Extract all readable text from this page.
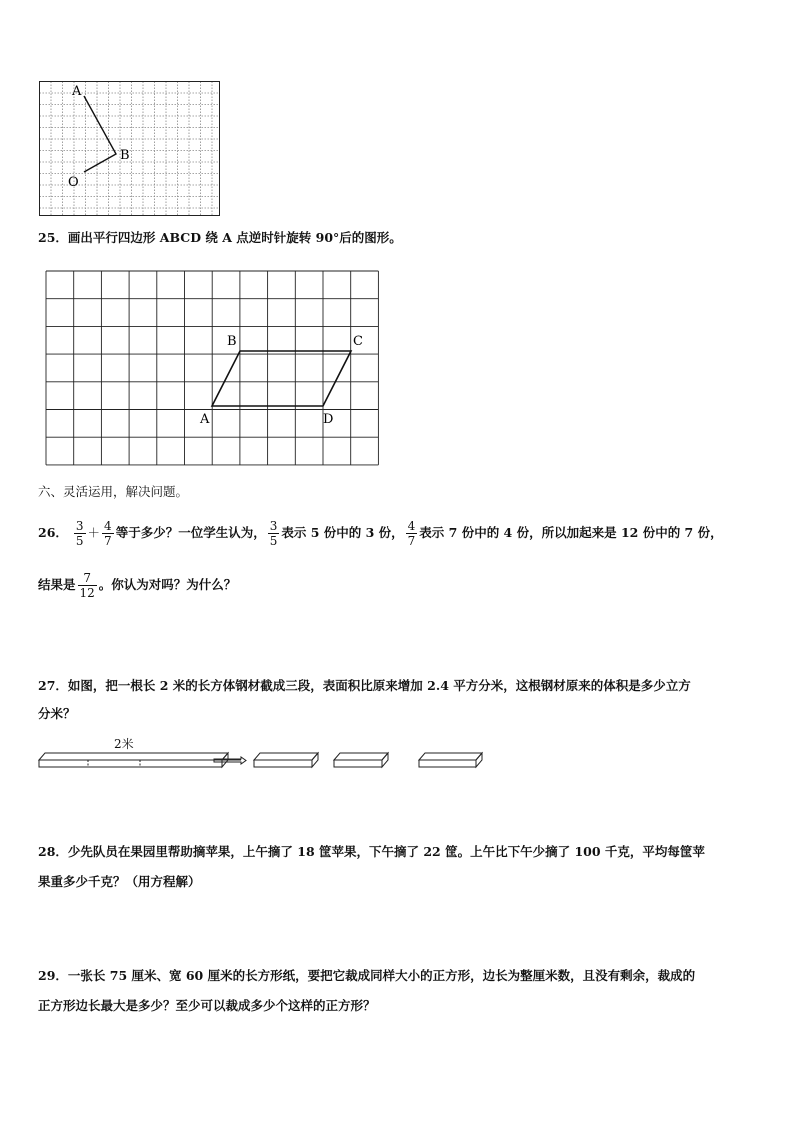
A
B
O
25．画出平行四边形 ABCD 绕 A 点逆时针旋转 90°后的图形。
A
B	C
D
六、灵活运用，解决问题。
26． $\frac{3}{5} + \frac{4}{7}$ 等于多少？一位学生认为， $\frac{3}{5}$ 表示 5 份中的 3 份， $\frac{4}{7}$ 表示 7 份中的 4 份，所以加起来是 12 份中的 7 份，
结果是 $\frac{7}{12}$ 。你认为对吗？为什么？
27．如图，把一根长 2 米的长方体钢材截成三段，表面积比原来增加 2.4 平方分米，这根钢材原来的体积是多少立方
分米？
2米
28．少先队员在果园里帮助摘苹果，上午摘了 18 筐苹果，下午摘了 22 筐。上午比下午少摘了 100 千克，平均每筐苹
果重多少千克？（用方程解）
29．一张长 75 厘米、宽 60 厘米的长方形纸，要把它裁成同样大小的正方形，边长为整厘米数，且没有剩余，裁成的
正方形边长最大是多少？至少可以裁成多少个这样的正方形？
